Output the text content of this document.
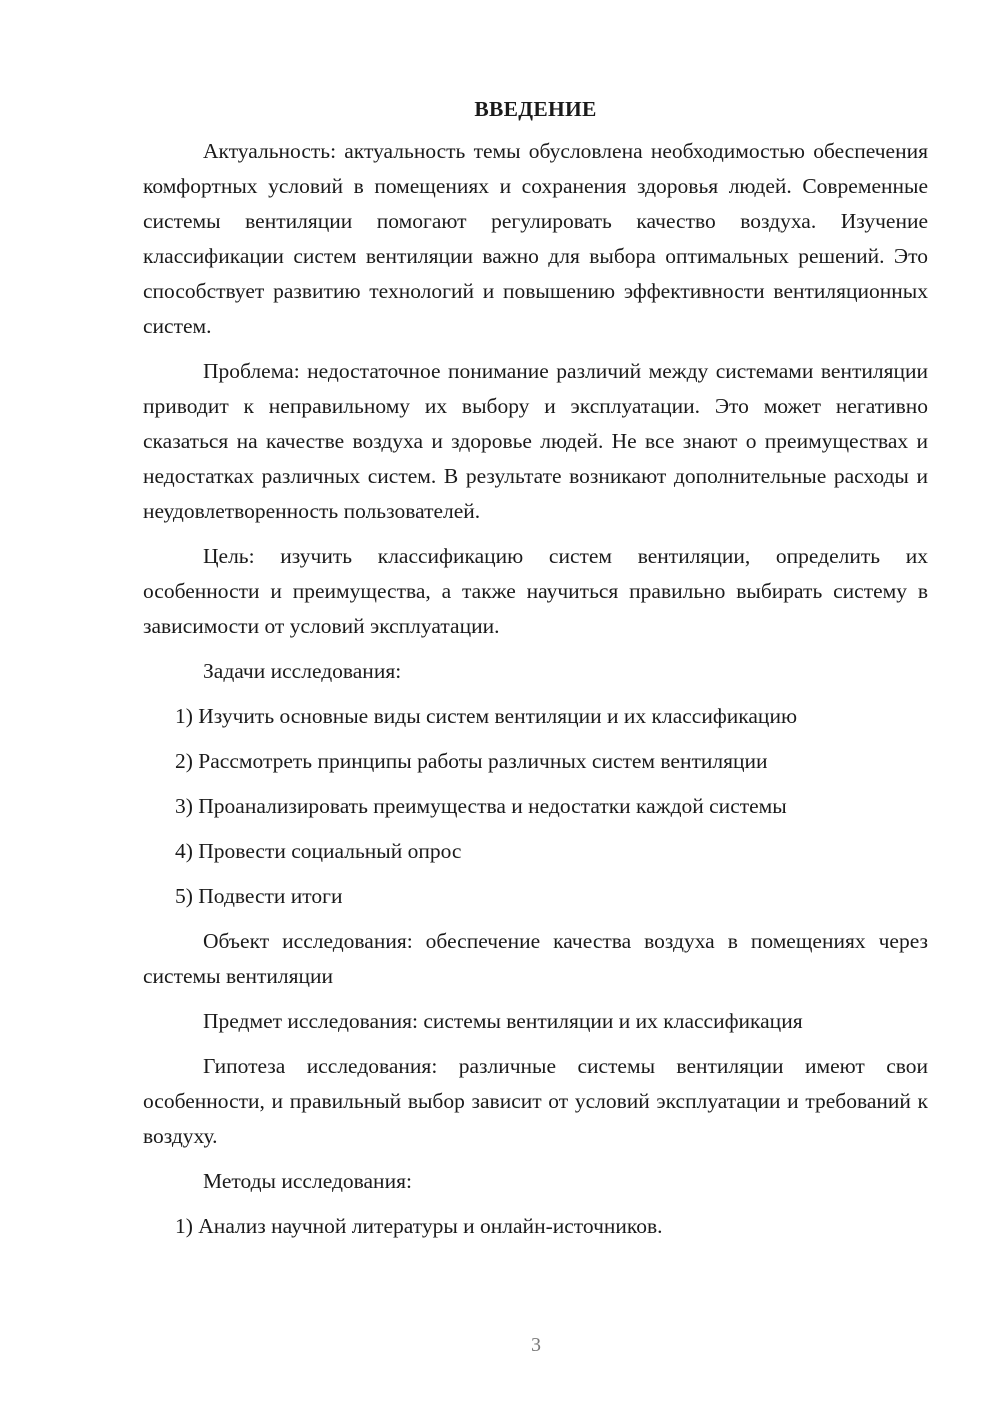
ВВЕДЕНИЕ

Актуальность: актуальность темы обусловлена необходимостью обеспечения комфортных условий в помещениях и сохранения здоровья людей. Современные системы вентиляции помогают регулировать качество воздуха. Изучение классификации систем вентиляции важно для выбора оптимальных решений. Это способствует развитию технологий и повышению эффективности вентиляционных систем.

Проблема: недостаточное понимание различий между системами вентиляции приводит к неправильному их выбору и эксплуатации. Это может негативно сказаться на качестве воздуха и здоровье людей. Не все знают о преимуществах и недостатках различных систем. В результате возникают дополнительные расходы и неудовлетворенность пользователей.

Цель: изучить классификацию систем вентиляции, определить их особенности и преимущества, а также научиться правильно выбирать систему в зависимости от условий эксплуатации.

Задачи исследования:

1) Изучить основные виды систем вентиляции и их классификацию

2) Рассмотреть принципы работы различных систем вентиляции

3) Проанализировать преимущества и недостатки каждой системы

4) Провести социальный опрос

5) Подвести итоги

Объект исследования: обеспечение качества воздуха в помещениях через системы вентиляции

Предмет исследования: системы вентиляции и их классификация

Гипотеза исследования: различные системы вентиляции имеют свои особенности, и правильный выбор зависит от условий эксплуатации и требований к воздуху.

Методы исследования:

1) Анализ научной литературы и онлайн-источников.

3
